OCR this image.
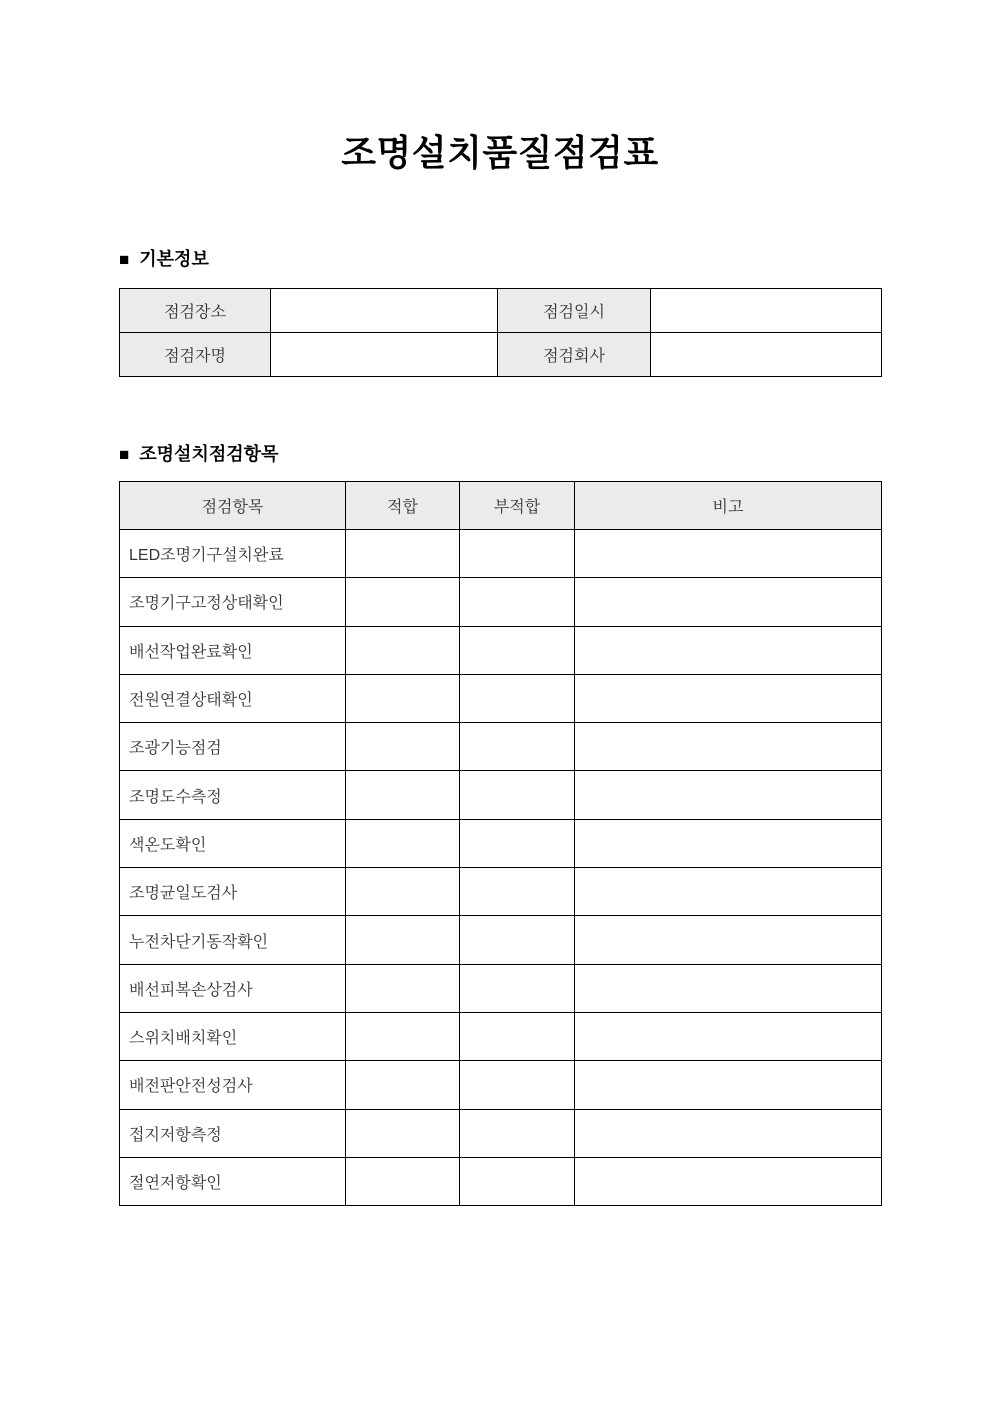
조명설치품질점검표
■ 기본정보
점검장소		점검일시	
점검자명		점검회사	
■ 조명설치점검항목
점검항목	적합	부적합	비고
LED조명기구설치완료			
조명기구고정상태확인			
배선작업완료확인			
전원연결상태확인			
조광기능점검			
조명도수측정			
색온도확인			
조명균일도검사			
누전차단기동작확인			
배선피복손상검사			
스위치배치확인			
배전판안전성검사			
접지저항측정			
절연저항확인			
